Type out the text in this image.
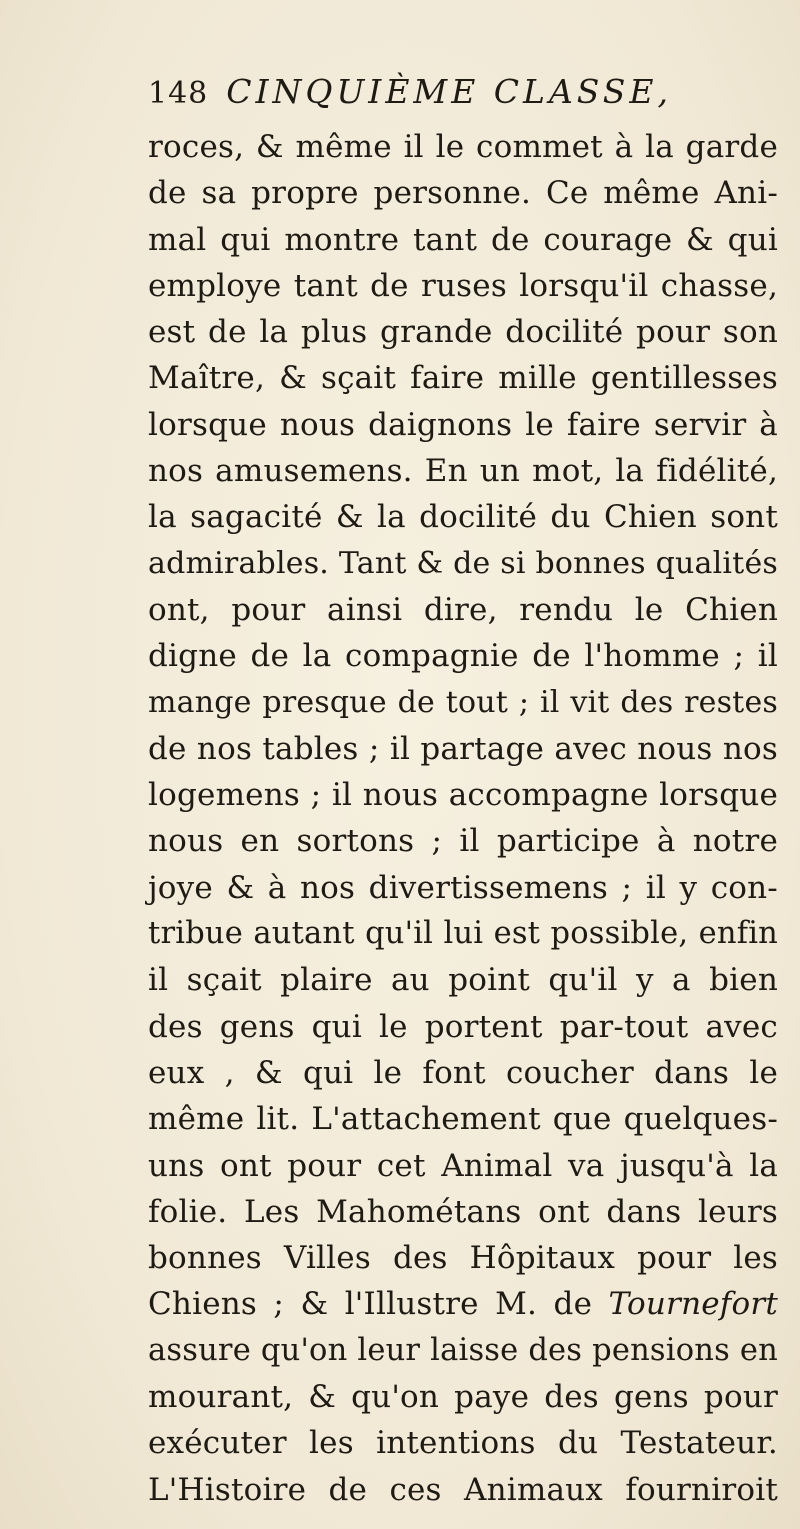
148 CINQUIÈME CLASSE,
roces, & même il le commet à la garde
de sa propre personne. Ce même Ani-
mal qui montre tant de courage & qui
employe tant de ruses lorsqu'il chasse,
est de la plus grande docilité pour son
Maître, & sçait faire mille gentillesses
lorsque nous daignons le faire servir à
nos amusemens. En un mot, la fidélité,
la sagacité & la docilité du Chien sont
admirables. Tant & de si bonnes qualités
ont, pour ainsi dire, rendu le Chien
digne de la compagnie de l'homme ; il
mange presque de tout ; il vit des restes
de nos tables ; il partage avec nous nos
logemens ; il nous accompagne lorsque
nous en sortons ; il participe à notre
joye & à nos divertissemens ; il y con-
tribue autant qu'il lui est possible, enfin
il sçait plaire au point qu'il y a bien
des gens qui le portent par-tout avec
eux , & qui le font coucher dans le
même lit. L'attachement que quelques-
uns ont pour cet Animal va jusqu'à la
folie. Les Mahométans ont dans leurs
bonnes Villes des Hôpitaux pour les
Chiens ; & l'Illustre M. de Tournefort
assure qu'on leur laisse des pensions en
mourant, & qu'on paye des gens pour
exécuter les intentions du Testateur.
L'Histoire de ces Animaux fourniroit
